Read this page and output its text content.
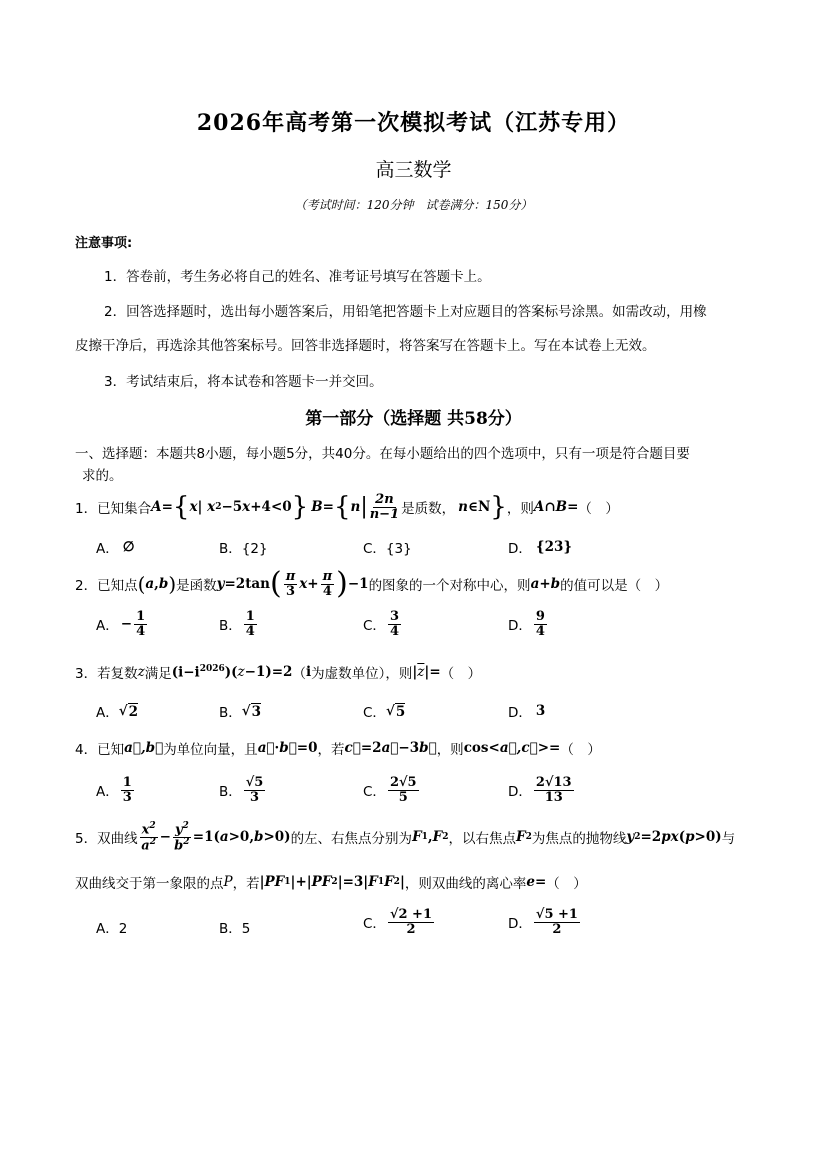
2026年高考第一次模拟考试（江苏专用）
高三数学
（考试时间：120分钟　试卷满分：150分）
注意事项:
1．答卷前，考生务必将自己的姓名、准考证号填写在答题卡上。
2．回答选择题时，选出每小题答案后，用铅笔把答题卡上对应题目的答案标号涂黑。如需改动，用橡
皮擦干净后，再选涂其他答案标号。回答非选择题时，将答案写在答题卡上。写在本试卷上无效。
3．考试结束后，将本试卷和答题卡一并交回。
第一部分（选择题 共58分）
一、选择题：本题共8小题，每小题5分，共40分。在每小题给出的四个选项中，只有一项是符合题目要
求的。
1．已知集合 A = { x | x 2 −5 x +4<0 } B = { n | $\frac{2n}{n-1}$ 是质数， n ∈N } ，则 A ∩ B = （　）
A． ∅	B．{2}	C．{3}	D． {23}
2．已知点 ( a , b ) 是函数 y =2tan ( $\frac{\pi}{3}$ $x + \frac{\pi}{4}$ ) −1 的图象的一个对称中心，则 a + b 的值可以是（　）
A． − $\frac{1}{4}$	B． $\frac{1}{4}$	C． $\frac{3}{4}$	D． $\frac{9}{4}$
3．若复数 z 满足 $(i-i^{2026})$( z −1)=2 （ i 为虚数单位），则 | $\overline{z}$ |= （　）
A． √ 2	B． √ 3	C． √ 5	D． 3
4．已知 a⃗,b⃗ 为单位向量，且 a⃗ · b⃗ =0 ，若 c⃗ =2 a⃗ −3 b⃗ ，则 cos< a⃗,c⃗ >= （　）
A． $\frac{1}{3}$	B． $\frac{√5}{3}$	C． $\frac{2√5}{5}$	D． $\frac{2√13}{13}$
5．双曲线 $\frac{x^2}{a^2} - \frac{y^2}{b^2} =1$( a >0, b >0) 的左、右焦点分别为 F 1 , F 2 ，以右焦点 F 2 为焦点的抛物线 y 2 =2 px ( p >0) 与
双曲线交于第一象限的点 P ，若 | PF 1 |+| PF 2 |=3| F 1 F 2 | ，则双曲线的离心率 e = （　）
A．2	B．5	C． $\frac{√2 +1}{2}$	D． $\frac{√5 +1}{2}$
